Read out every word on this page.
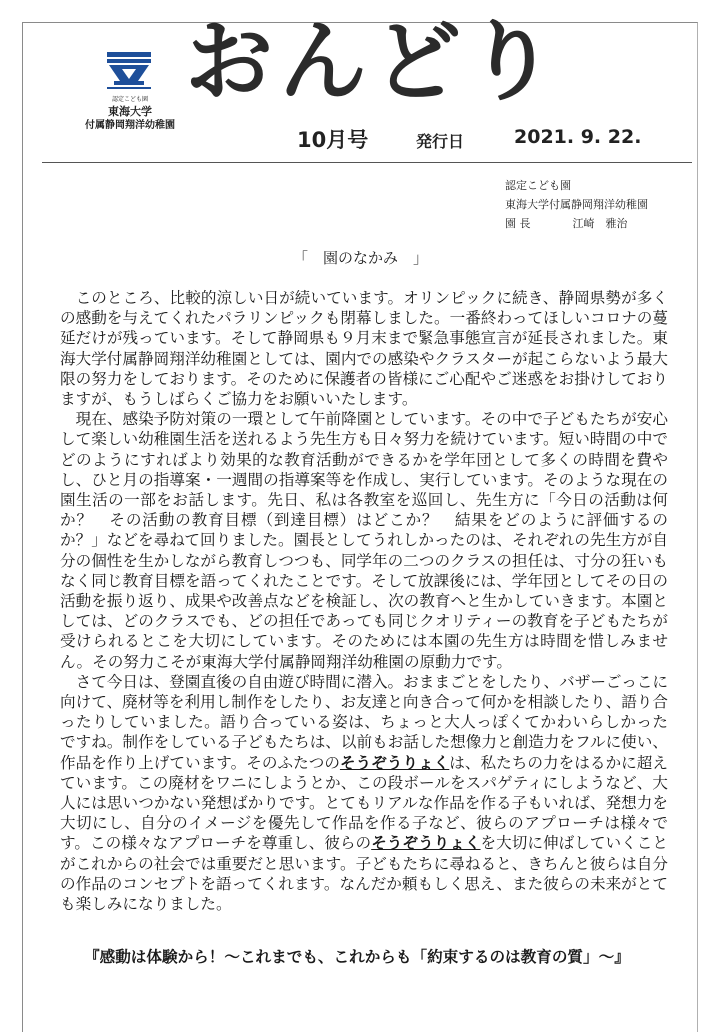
認定こども園
東海大学
付属静岡翔洋幼稚園
おんどり
10月号	発行日	2021. 9. 22.
認定こども園
東海大学付属静岡翔洋幼稚園
園 長	江崎　雅治
「　園のなかみ　」

このところ、比較的涼しい日が続いています。オリンピックに続き、静岡県勢が多くの感動を与えてくれたパラリンピックも閉幕しました。一番終わってほしいコロナの蔓延だけが残っています。そして静岡県も９月末まで緊急事態宣言が延長されました。東海大学付属静岡翔洋幼稚園としては、園内での感染やクラスターが起こらないよう最大限の努力をしております。そのために保護者の皆様にご心配やご迷惑をお掛けしておりますが、もうしばらくご協力をお願いいたします。

現在、感染予防対策の一環として午前降園としています。その中で子どもたちが安心して楽しい幼稚園生活を送れるよう先生方も日々努力を続けています。短い時間の中でどのようにすればより効果的な教育活動ができるかを学年団として多くの時間を費やし、ひと月の指導案・一週間の指導案等を作成し、実行しています。そのような現在の園生活の一部をお話します。先日、私は各教室を巡回し、先生方に「今日の活動は何か？　その活動の教育目標（到達目標）はどこか？　結果をどのように評価するのか？」などを尋ねて回りました。園長としてうれしかったのは、それぞれの先生方が自分の個性を生かしながら教育しつつも、同学年の二つのクラスの担任は、寸分の狂いもなく同じ教育目標を語ってくれたことです。そして放課後には、学年団としてその日の活動を振り返り、成果や改善点などを検証し、次の教育へと生かしていきます。本園としては、どのクラスでも、どの担任であっても同じクオリティーの教育を子どもたちが受けられるとこを大切にしています。そのためには本園の先生方は時間を惜しみません。その努力こそが東海大学付属静岡翔洋幼稚園の原動力です。

さて今日は、登園直後の自由遊び時間に潜入。おままごとをしたり、バザーごっこに向けて、廃材等を利用し制作をしたり、お友達と向き合って何かを相談したり、語り合ったりしていました。語り合っている姿は、ちょっと大人っぽくてかわいらしかったですね。制作をしている子どもたちは、以前もお話した想像力と創造力をフルに使い、作品を作り上げています。そのふたつのそうぞうりょくは、私たちの力をはるかに超えています。この廃材をワニにしようとか、この段ボールをスパゲティにしようなど、大人には思いつかない発想ばかりです。とてもリアルな作品を作る子もいれば、発想力を大切にし、自分のイメージを優先して作品を作る子など、彼らのアプローチは様々です。この様々なアプローチを尊重し、彼らのそうぞうりょくを大切に伸ばしていくことがこれからの社会では重要だと思います。子どもたちに尋ねると、きちんと彼らは自分の作品のコンセプトを語ってくれます。なんだか頼もしく思え、また彼らの未来がとても楽しみになりました。

『感動は体験から！～これまでも、これからも「約束するのは教育の質」～』
